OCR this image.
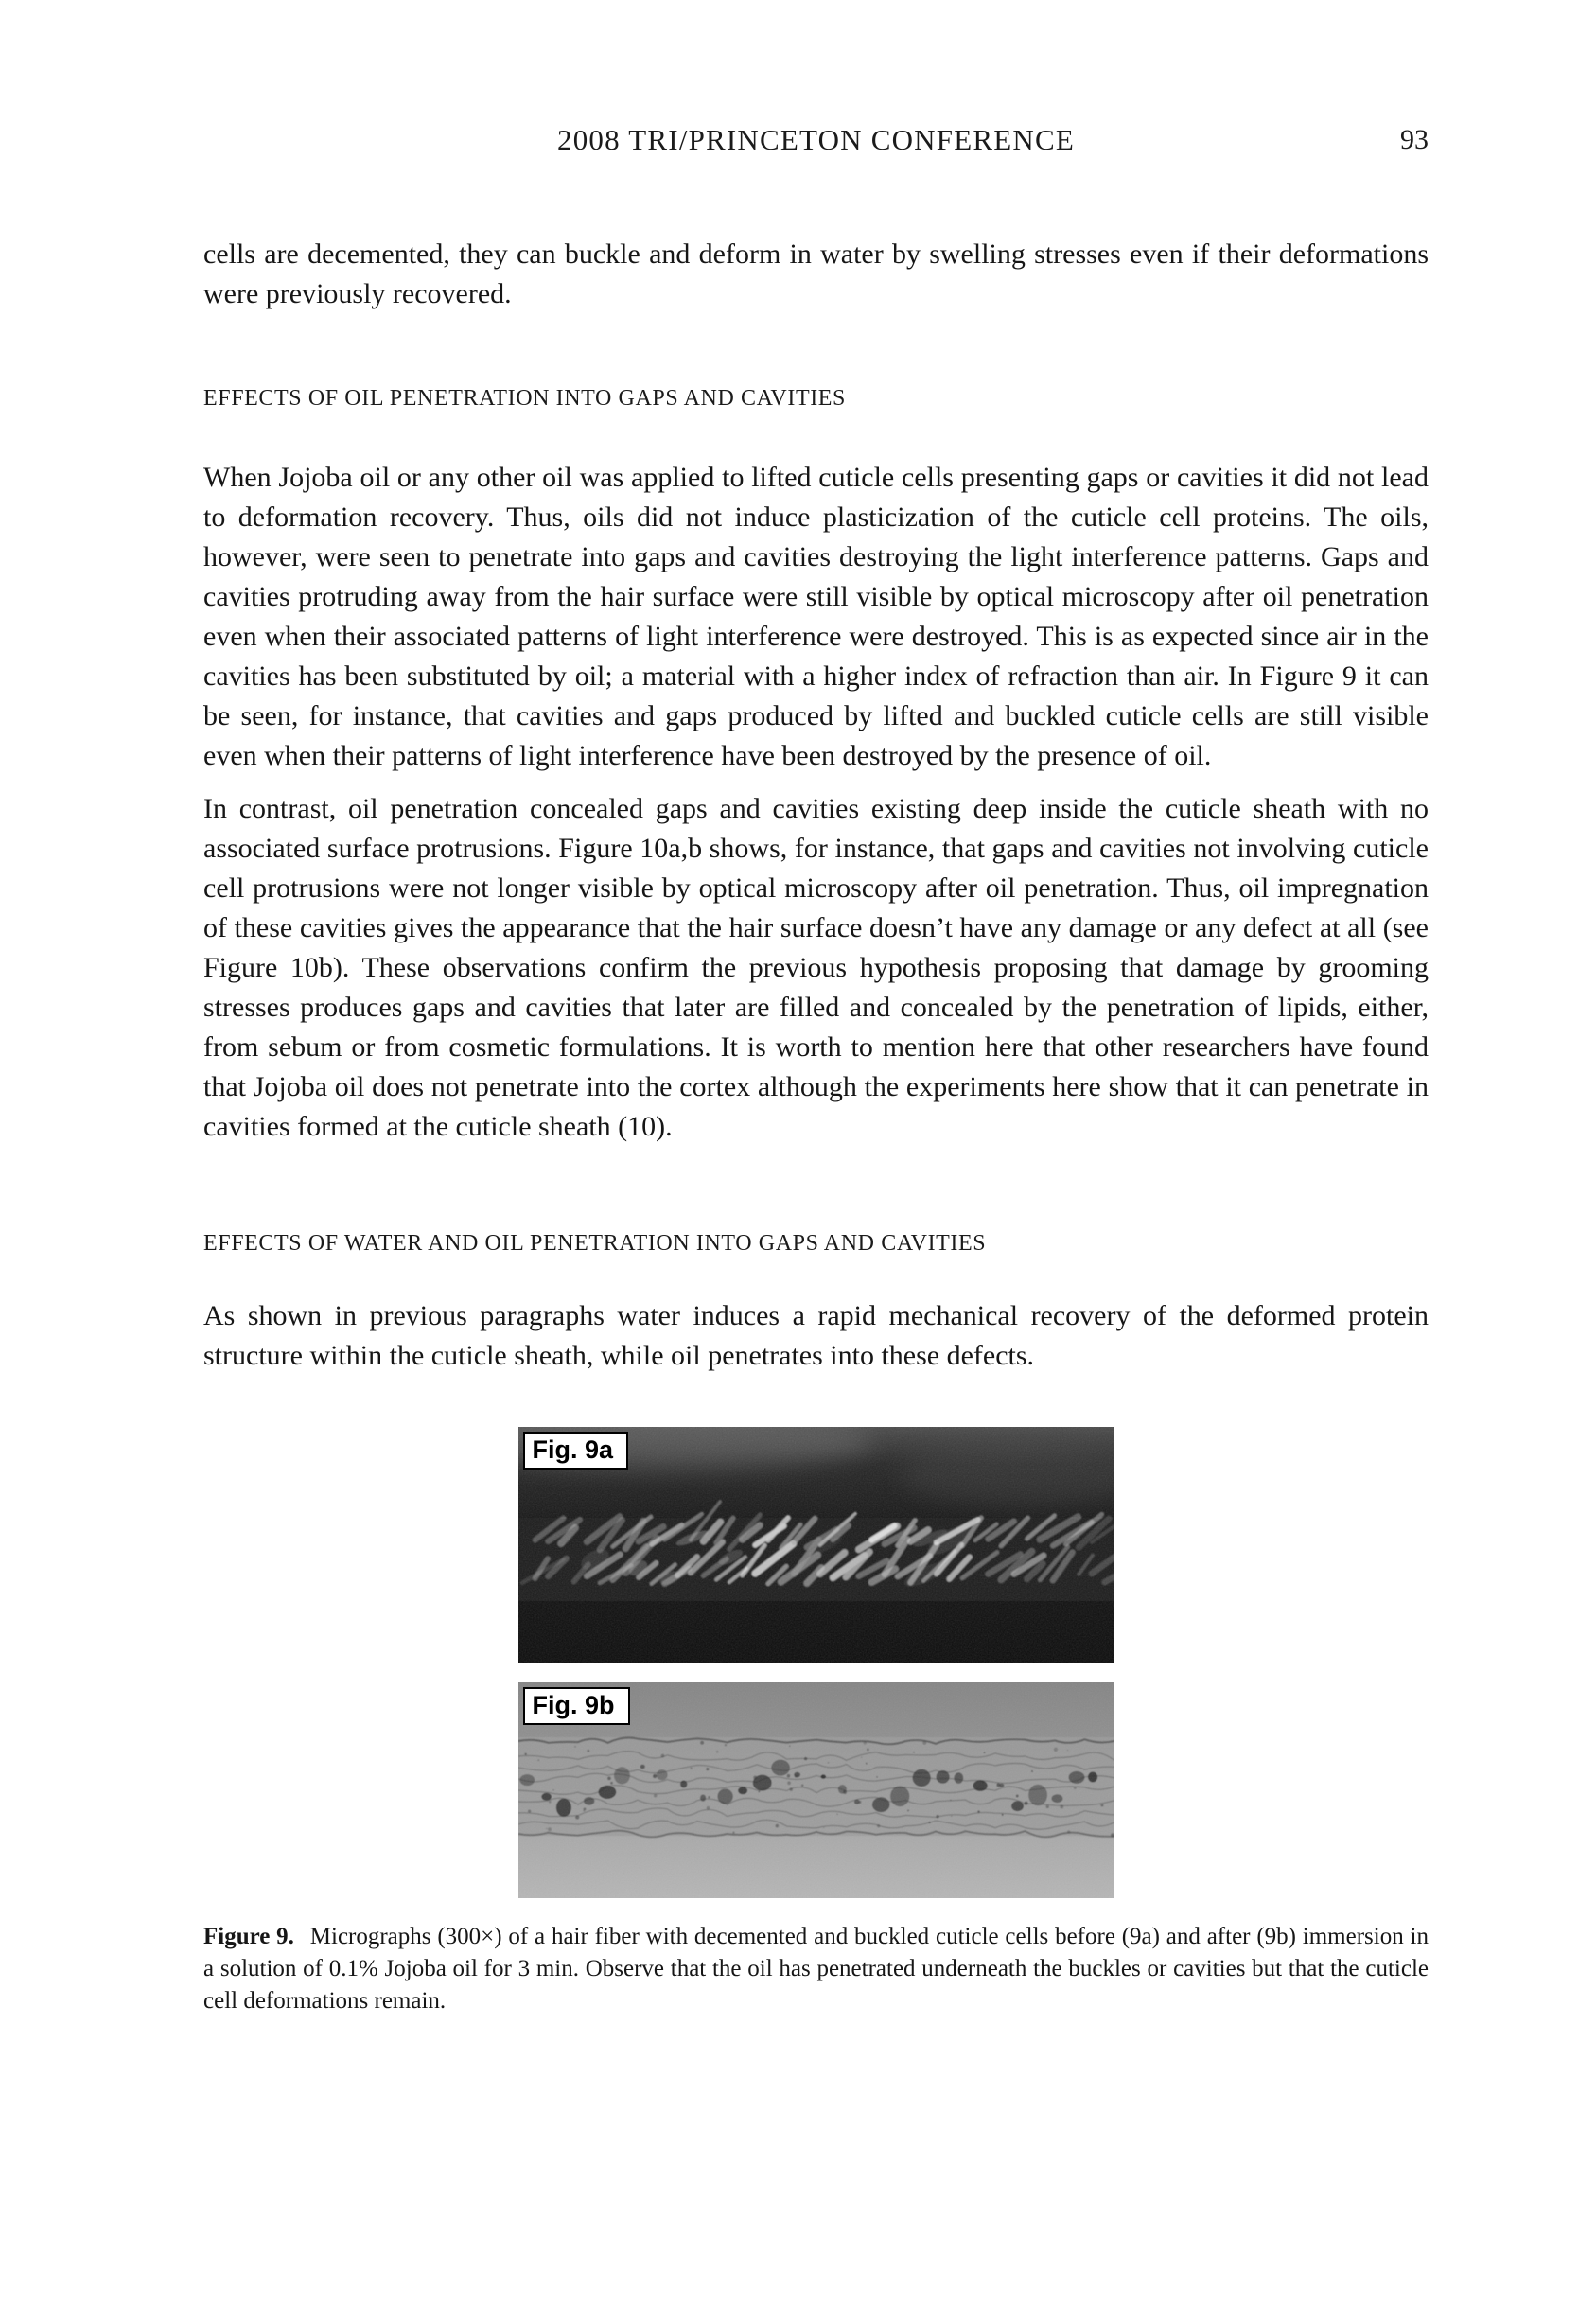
2008 TRI/PRINCETON CONFERENCE	93

cells are decemented, they can buckle and deform in water by swelling stresses even if their deformations were previously recovered.

EFFECTS OF OIL PENETRATION INTO GAPS AND CAVITIES

When Jojoba oil or any other oil was applied to lifted cuticle cells presenting gaps or cavities it did not lead to deformation recovery. Thus, oils did not induce plasticization of the cuticle cell proteins. The oils, however, were seen to penetrate into gaps and cavities destroying the light interference patterns. Gaps and cavities protruding away from the hair surface were still visible by optical microscopy after oil penetration even when their associated patterns of light interference were destroyed. This is as expected since air in the cavities has been substituted by oil; a material with a higher index of refraction than air. In Figure 9 it can be seen, for instance, that cavities and gaps produced by lifted and buckled cuticle cells are still visible even when their patterns of light interference have been destroyed by the presence of oil.

In contrast, oil penetration concealed gaps and cavities existing deep inside the cuticle sheath with no associated surface protrusions. Figure 10a,b shows, for instance, that gaps and cavities not involving cuticle cell protrusions were not longer visible by optical microscopy after oil penetration. Thus, oil impregnation of these cavities gives the appearance that the hair surface doesn’t have any damage or any defect at all (see Figure 10b). These observations confirm the previous hypothesis proposing that damage by grooming stresses produces gaps and cavities that later are filled and concealed by the penetration of lipids, either, from sebum or from cosmetic formulations. It is worth to mention here that other researchers have found that Jojoba oil does not penetrate into the cortex although the experiments here show that it can penetrate in cavities formed at the cuticle sheath (10).

EFFECTS OF WATER AND OIL PENETRATION INTO GAPS AND CAVITIES

As shown in previous paragraphs water induces a rapid mechanical recovery of the deformed protein structure within the cuticle sheath, while oil penetrates into these defects.

Fig. 9a
Fig. 9b
Figure 9. Micrographs (300×) of a hair fiber with decemented and buckled cuticle cells before (9a) and after (9b) immersion in a solution of 0.1% Jojoba oil for 3 min. Observe that the oil has penetrated underneath the buckles or cavities but that the cuticle cell deformations remain.
